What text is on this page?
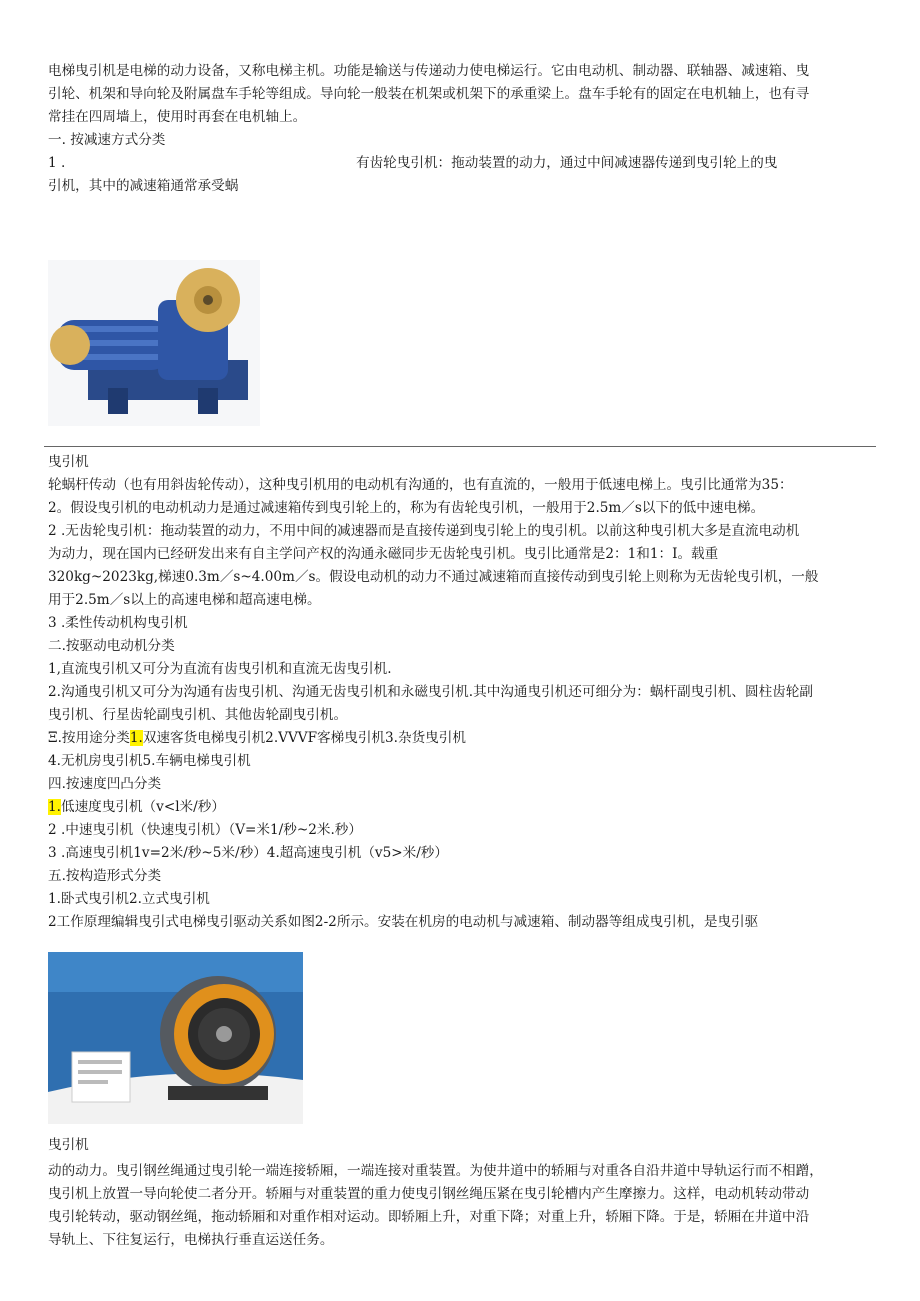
电梯曳引机是电梯的动力设备，又称电梯主机。功能是输送与传递动力使电梯运行。它由电动机、制动器、联轴器、减速箱、曳
引轮、机架和导向轮及附属盘车手轮等组成。导向轮一般装在机架或机架下的承重梁上。盘车手轮有的固定在电机轴上，也有寻
常挂在四周墙上，使用时再套在电机轴上。
一. 按减速方式分类
1 .	有齿轮曳引机：拖动装置的动力，通过中间减速器传递到曳引轮上的曳
引机，其中的减速箱通常承受蜗
曳引机
轮蜗杆传动（也有用斜齿轮传动），这种曳引机用的电动机有沟通的，也有直流的，一般用于低速电梯上。曳引比通常为35：
2。假设曳引机的电动机动力是通过减速箱传到曳引轮上的，称为有齿轮曳引机，一般用于2.5m／s以下的低中速电梯。
2 .无齿轮曳引机：拖动装置的动力，不用中间的减速器而是直接传递到曳引轮上的曳引机。以前这种曳引机大多是直流电动机
为动力，现在国内已经研发出来有自主学问产权的沟通永磁同步无齿轮曳引机。曳引比通常是2：1和1：I。载重
320kg~2023kg,梯速0.3m／s~4.00m／s。假设电动机的动力不通过减速箱而直接传动到曳引轮上则称为无齿轮曳引机，一般
用于2.5m／s以上的高速电梯和超高速电梯。
3 .柔性传动机构曳引机
二.按驱动电动机分类
1,直流曳引机又可分为直流有齿曳引机和直流无齿曳引机.
2.沟通曳引机又可分为沟通有齿曳引机、沟通无齿曳引机和永磁曳引机.其中沟通曳引机还可细分为：蜗杆副曳引机、圆柱齿轮副
曳引机、行星齿轮副曳引机、其他齿轮副曳引机。
Ξ.按用途分类1.双速客货电梯曳引机2.VVVF客梯曳引机3.杂货曳引机
4.无机房曳引机5.车辆电梯曳引机
四.按速度凹凸分类
1.低速度曳引机（v<l米/秒）
2 .中速曳引机（快速曳引机）（V=米1/秒~2米.秒）
3 .高速曳引机1v=2米/秒~5米/秒）4.超高速曳引机（v5>米/秒）
五.按构造形式分类
1.卧式曳引机2.立式曳引机
2工作原理编辑曳引式电梯曳引驱动关系如图2-2所示。安装在机房的电动机与减速箱、制动器等组成曳引机，是曳引驱
曳引机
动的动力。曳引钢丝绳通过曳引轮一端连接轿厢，一端连接对重装置。为使井道中的轿厢与对重各自沿井道中导轨运行而不相蹭，
曳引机上放置一导向轮使二者分开。轿厢与对重装置的重力使曳引钢丝绳压紧在曳引轮槽内产生摩擦力。这样，电动机转动带动
曳引轮转动，驱动钢丝绳，拖动轿厢和对重作相对运动。即轿厢上升，对重下降；对重上升，轿厢下降。于是，轿厢在井道中沿
导轨上、下往复运行，电梯执行垂直运送任务。
